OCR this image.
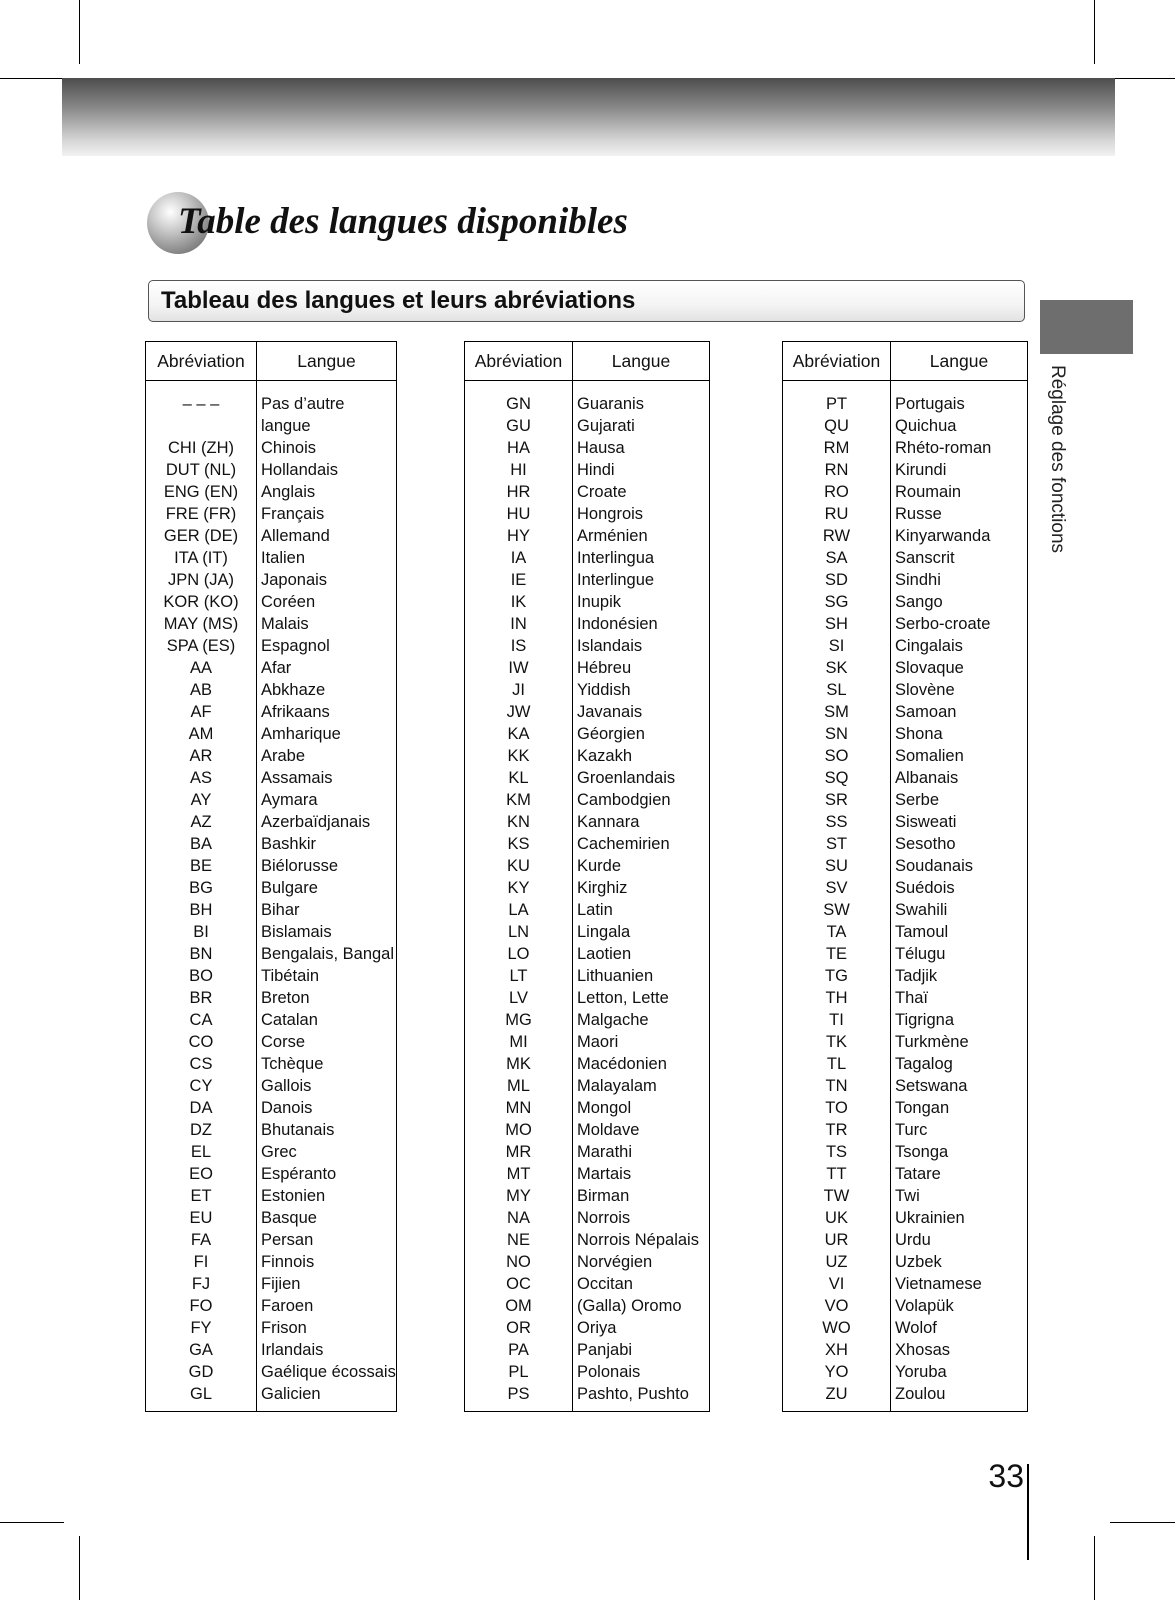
Table des langues disponibles
Tableau des langues et leurs abréviations
Réglage des fonctions
Abréviation	Langue

– – –	Pas d’autre
	langue
CHI (ZH)	Chinois
DUT (NL)	Hollandais
ENG (EN)	Anglais
FRE (FR)	Français
GER (DE)	Allemand
ITA (IT)	Italien
JPN (JA)	Japonais
KOR (KO)	Coréen
MAY (MS)	Malais
SPA (ES)	Espagnol
AA	Afar
AB	Abkhaze
AF	Afrikaans
AM	Amharique
AR	Arabe
AS	Assamais
AY	Aymara
AZ	Azerbaïdjanais
BA	Bashkir
BE	Biélorusse
BG	Bulgare
BH	Bihar
BI	Bislamais
BN	Bengalais, Bangal
BO	Tibétain
BR	Breton
CA	Catalan
CO	Corse
CS	Tchèque
CY	Gallois
DA	Danois
DZ	Bhutanais
EL	Grec
EO	Espéranto
ET	Estonien
EU	Basque
FA	Persan
FI	Finnois
FJ	Fijien
FO	Faroen
FY	Frison
GA	Irlandais
GD	Gaélique écossais
GL	Galicien
Abréviation	Langue

GN	Guaranis
GU	Gujarati
HA	Hausa
HI	Hindi
HR	Croate
HU	Hongrois
HY	Arménien
IA	Interlingua
IE	Interlingue
IK	Inupik
IN	Indonésien
IS	Islandais
IW	Hébreu
JI	Yiddish
JW	Javanais
KA	Géorgien
KK	Kazakh
KL	Groenlandais
KM	Cambodgien
KN	Kannara
KS	Cachemirien
KU	Kurde
KY	Kirghiz
LA	Latin
LN	Lingala
LO	Laotien
LT	Lithuanien
LV	Letton, Lette
MG	Malgache
MI	Maori
MK	Macédonien
ML	Malayalam
MN	Mongol
MO	Moldave
MR	Marathi
MT	Martais
MY	Birman
NA	Norrois
NE	Norrois Népalais
NO	Norvégien
OC	Occitan
OM	(Galla) Oromo
OR	Oriya
PA	Panjabi
PL	Polonais
PS	Pashto, Pushto
Abréviation	Langue

PT	Portugais
QU	Quichua
RM	Rhéto-roman
RN	Kirundi
RO	Roumain
RU	Russe
RW	Kinyarwanda
SA	Sanscrit
SD	Sindhi
SG	Sango
SH	Serbo-croate
SI	Cingalais
SK	Slovaque
SL	Slovène
SM	Samoan
SN	Shona
SO	Somalien
SQ	Albanais
SR	Serbe
SS	Sisweati
ST	Sesotho
SU	Soudanais
SV	Suédois
SW	Swahili
TA	Tamoul
TE	Télugu
TG	Tadjik
TH	Thaï
TI	Tigrigna
TK	Turkmène
TL	Tagalog
TN	Setswana
TO	Tongan
TR	Turc
TS	Tsonga
TT	Tatare
TW	Twi
UK	Ukrainien
UR	Urdu
UZ	Uzbek
VI	Vietnamese
VO	Volapük
WO	Wolof
XH	Xhosas
YO	Yoruba
ZU	Zoulou
33
